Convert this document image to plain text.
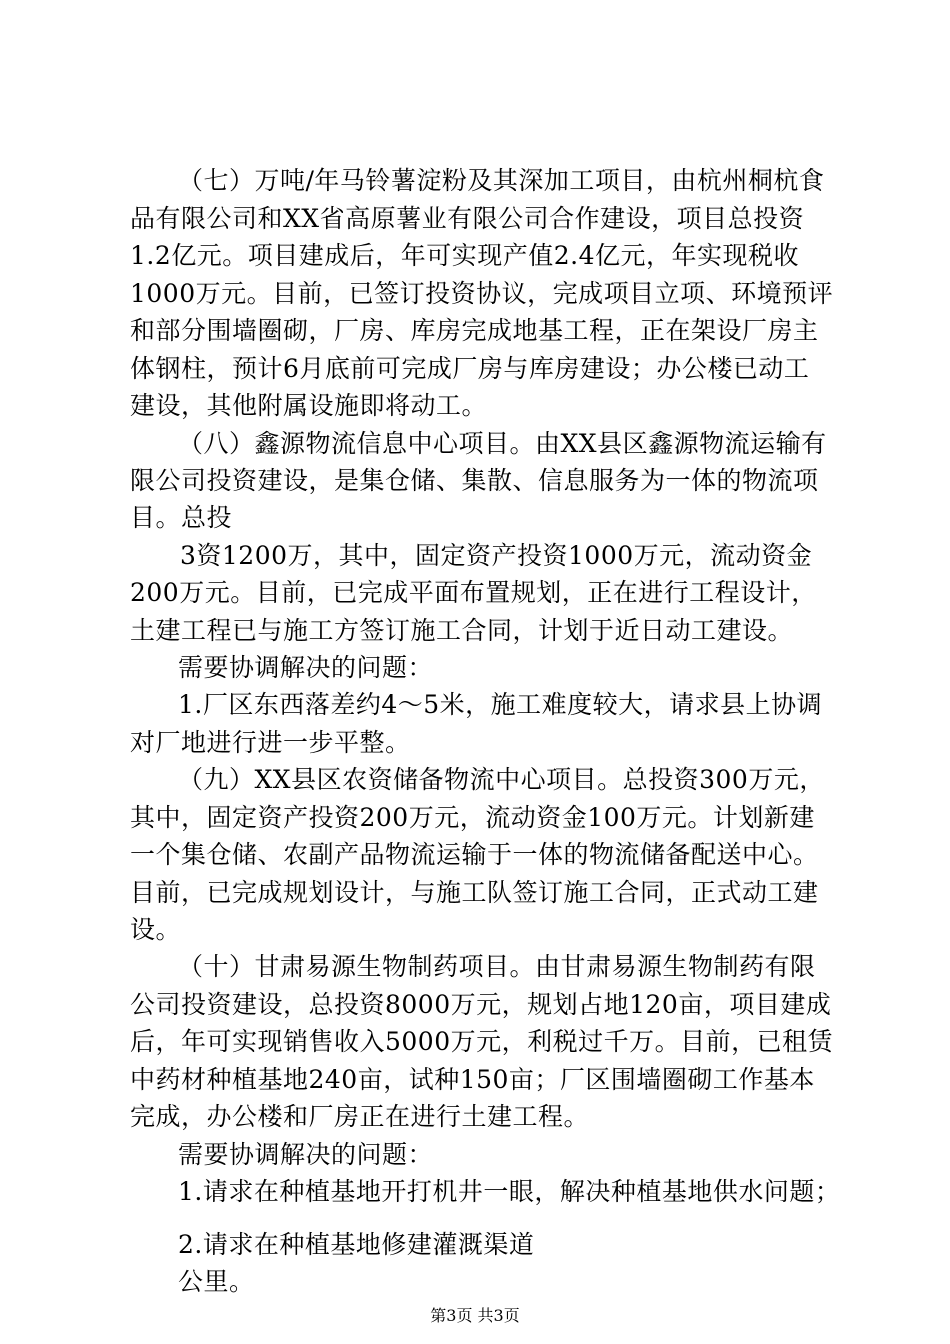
（七）万吨/年马铃薯淀粉及其深加工项目，由杭州桐杭食
品有限公司和XX省高原薯业有限公司合作建设，项目总投资
1.2亿元。项目建成后，年可实现产值2.4亿元，年实现税收
1000万元。目前，已签订投资协议，完成项目立项、环境预评
和部分围墙圈砌，厂房、库房完成地基工程，正在架设厂房主
体钢柱，预计6月底前可完成厂房与库房建设；办公楼已动工
建设，其他附属设施即将动工。
（八）鑫源物流信息中心项目。由XX县区鑫源物流运输有
限公司投资建设，是集仓储、集散、信息服务为一体的物流项
目。总投
3资1200万，其中，固定资产投资1000万元，流动资金
200万元。目前，已完成平面布置规划，正在进行工程设计，
土建工程已与施工方签订施工合同，计划于近日动工建设。
需要协调解决的问题：
1.厂区东西落差约4～5米，施工难度较大，请求县上协调
对厂地进行进一步平整。
（九）XX县区农资储备物流中心项目。总投资300万元，
其中，固定资产投资200万元，流动资金100万元。计划新建
一个集仓储、农副产品物流运输于一体的物流储备配送中心。
目前，已完成规划设计，与施工队签订施工合同，正式动工建
设。
（十）甘肃易源生物制药项目。由甘肃易源生物制药有限
公司投资建设，总投资8000万元，规划占地120亩，项目建成
后，年可实现销售收入5000万元，利税过千万。目前，已租赁
中药材种植基地240亩，试种150亩；厂区围墙圈砌工作基本
完成，办公楼和厂房正在进行土建工程。
需要协调解决的问题：
1.请求在种植基地开打机井一眼，解决种植基地供水问题；
2.请求在种植基地修建灌溉渠道
公里。
第3页 共3页
